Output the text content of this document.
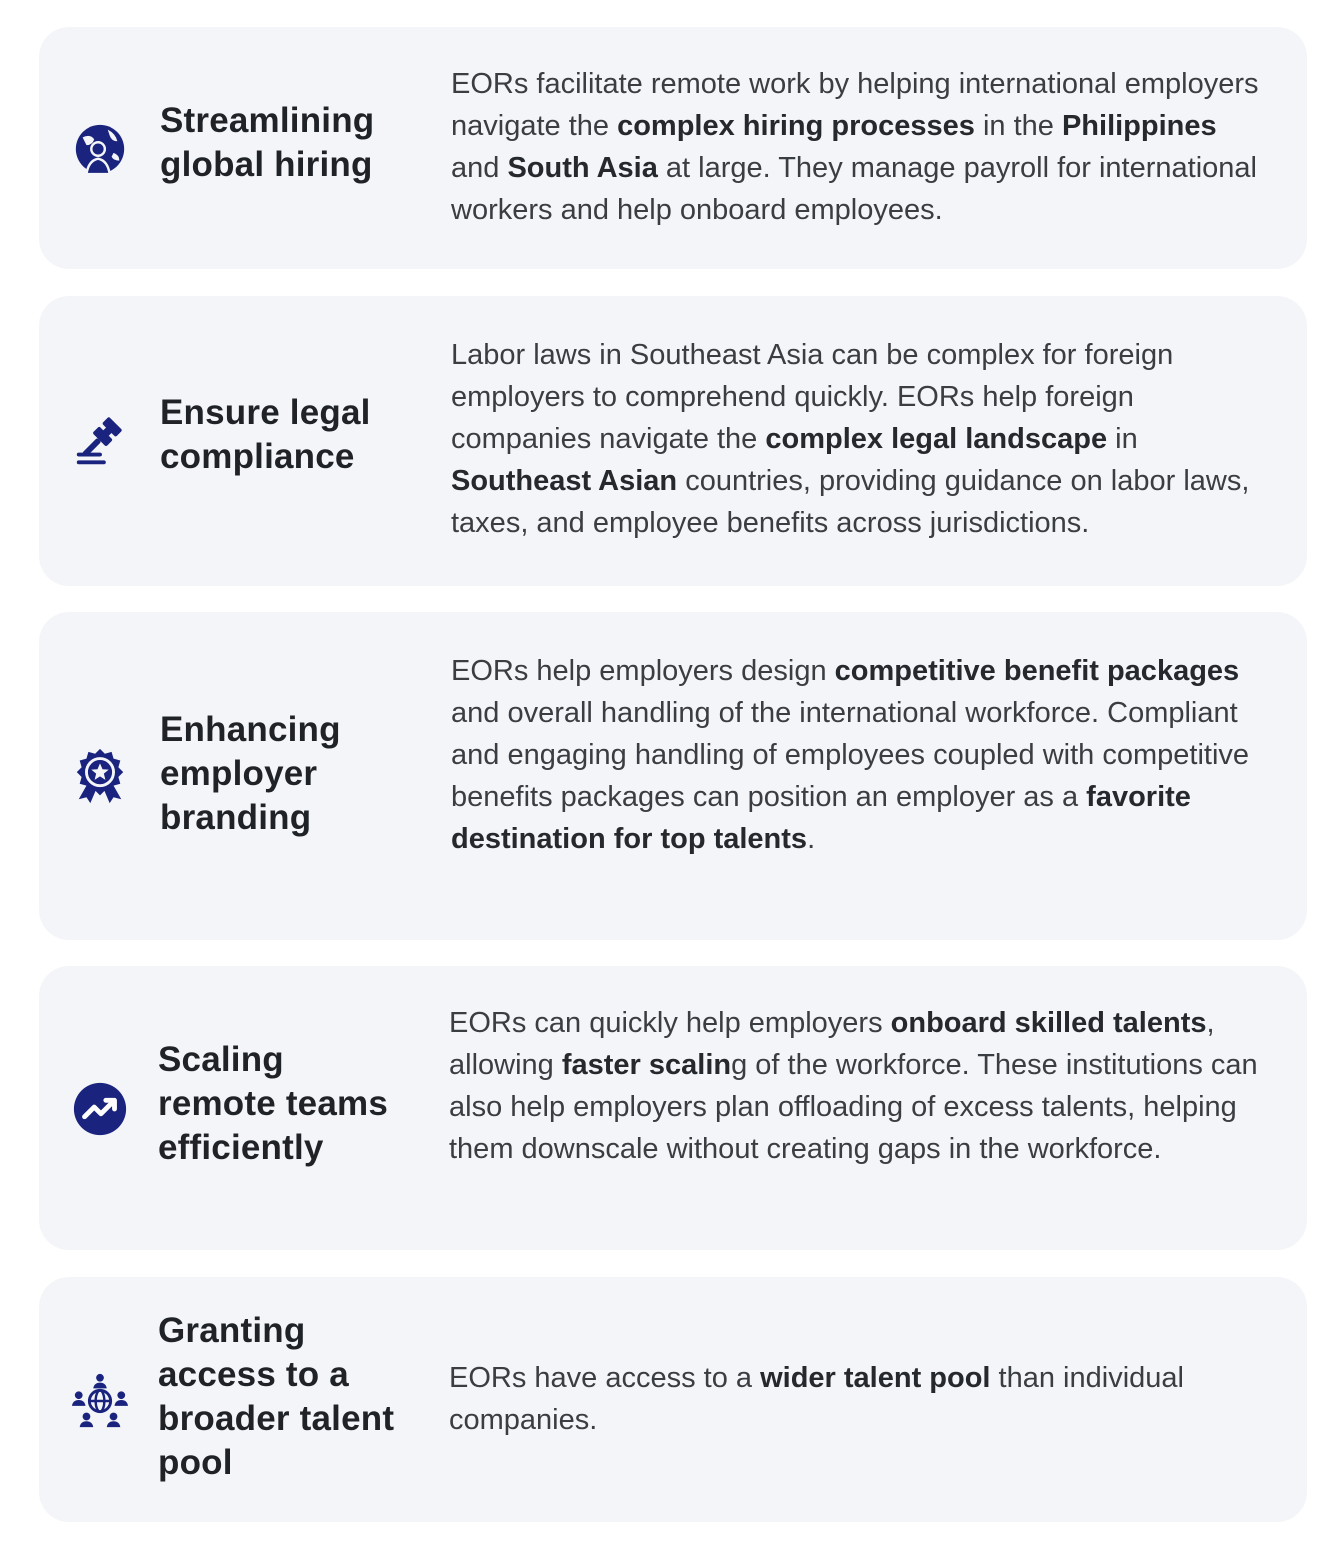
Streamlining
global hiring

EORs facilitate remote work by helping international employers navigate the complex hiring processes in the Philippines and South Asia at large. They manage payroll for international workers and help onboard employees.

Ensure legal
compliance

Labor laws in Southeast Asia can be complex for foreign employers to comprehend quickly. EORs help foreign companies navigate the complex legal landscape in Southeast Asian countries, providing guidance on labor laws, taxes, and employee benefits across jurisdictions.

Enhancing
employer
branding

EORs help employers design competitive benefit packages and overall handling of the international workforce. Compliant and engaging handling of employees coupled with competitive benefits packages can position an employer as a favorite destination for top talents.

Scaling
remote teams
efficiently

EORs can quickly help employers onboard skilled talents, allowing faster scaling of the workforce. These institutions can also help employers plan offloading of excess talents, helping them downscale without creating gaps in the workforce.

Granting
access to a
broader talent
pool

EORs have access to a wider talent pool than individual companies.
